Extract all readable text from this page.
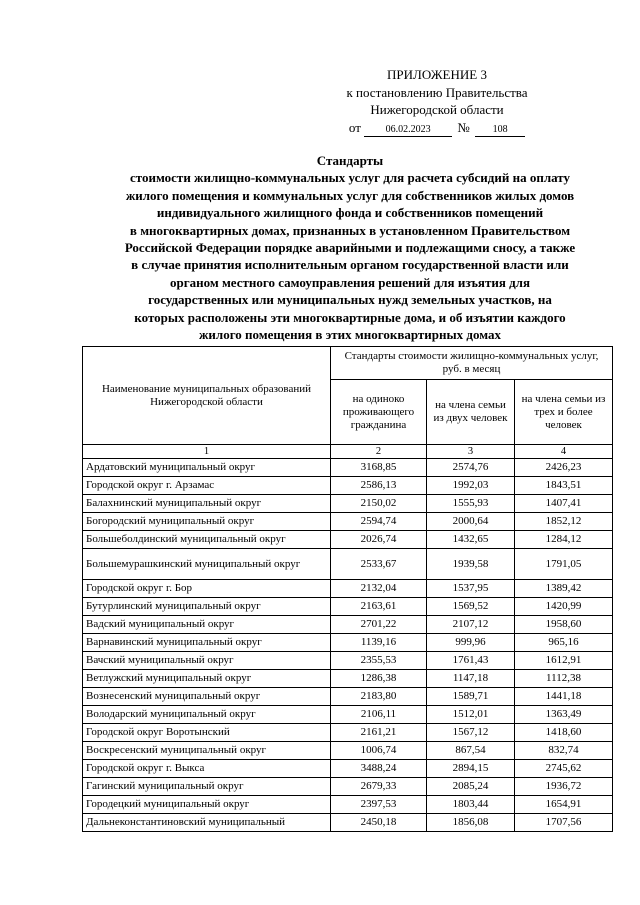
ПРИЛОЖЕНИЕ 3
к постановлению Правительства
Нижегородской области
от 06.02.2023 № 108
Стандарты
стоимости жилищно-коммунальных услуг для расчета субсидий на оплату
жилого помещения и коммунальных услуг для собственников жилых домов
индивидуального жилищного фонда и собственников помещений
в многоквартирных домах, признанных в установленном Правительством
Российской Федерации порядке аварийными и подлежащими сносу, а также
в случае принятия исполнительным органом государственной власти или
органом местного самоуправления решений для изъятия для
государственных или муниципальных нужд земельных участков, на
которых расположены эти многоквартирные дома, и об изъятии каждого
жилого помещения в этих многоквартирных домах
Наименование муниципальных образований Нижегородской области	Стандарты стоимости жилищно-коммунальных услуг, руб. в месяц		
	на одиноко проживающего гражданина	на члена семьи из двух человек	на члена семьи из трех и более человек
1	2	3	4
Ардатовский муниципальный округ	3168,85	2574,76	2426,23
Городской округ г. Арзамас	2586,13	1992,03	1843,51
Балахнинский муниципальный округ	2150,02	1555,93	1407,41
Богородский муниципальный округ	2594,74	2000,64	1852,12
Большеболдинский муниципальный округ	2026,74	1432,65	1284,12
Большемурашкинский муниципальный округ	2533,67	1939,58	1791,05
Городской округ г. Бор	2132,04	1537,95	1389,42
Бутурлинский муниципальный округ	2163,61	1569,52	1420,99
Вадский муниципальный округ	2701,22	2107,12	1958,60
Варнавинский муниципальный округ	1139,16	999,96	965,16
Вачский муниципальный округ	2355,53	1761,43	1612,91
Ветлужский муниципальный округ	1286,38	1147,18	1112,38
Вознесенский муниципальный округ	2183,80	1589,71	1441,18
Володарский муниципальный округ	2106,11	1512,01	1363,49
Городской округ Воротынский	2161,21	1567,12	1418,60
Воскресенский муниципальный округ	1006,74	867,54	832,74
Городской округ г. Выкса	3488,24	2894,15	2745,62
Гагинский муниципальный округ	2679,33	2085,24	1936,72
Городецкий муниципальный округ	2397,53	1803,44	1654,91
Дальнеконстантиновский муниципальный	2450,18	1856,08	1707,56
